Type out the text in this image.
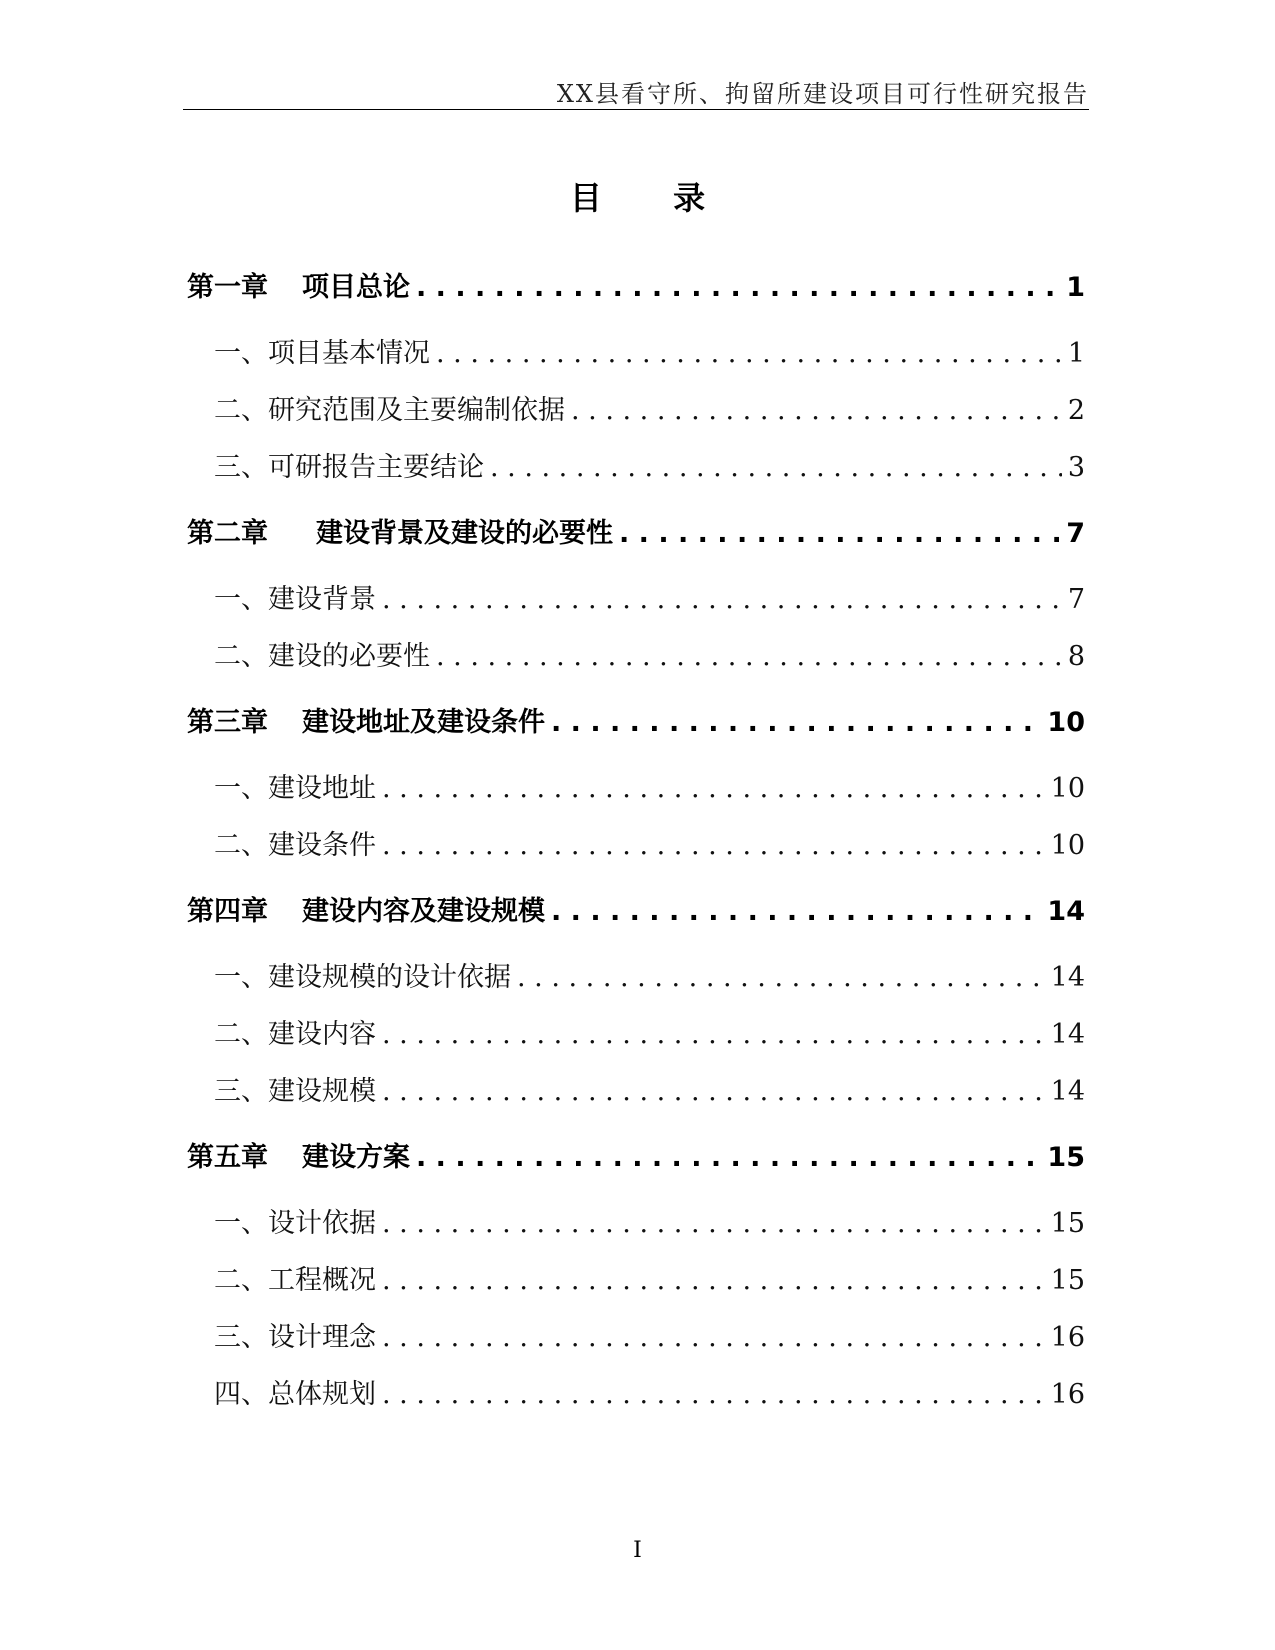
XX县看守所、拘留所建设项目可行性研究报告
目 录
第一章 项目总论 . . .	1
一、项目基本情况 . . .	1
二、研究范围及主要编制依据 . . .	2
三、可研报告主要结论 . . .	3
第二章 建设背景及建设的必要性 . . .	7
一、建设背景 . . .	7
二、建设的必要性 . . .	8
第三章 建设地址及建设条件 . . .	10
一、建设地址 . . .	10
二、建设条件 . . .	10
第四章 建设内容及建设规模 . . .	14
一、建设规模的设计依据 . . .	14
二、建设内容 . . .	14
三、建设规模 . . .	14
第五章 建设方案 . . .	15
一、设计依据 . . .	15
二、工程概况 . . .	15
三、设计理念 . . .	16
四、总体规划 . . .	16
I
